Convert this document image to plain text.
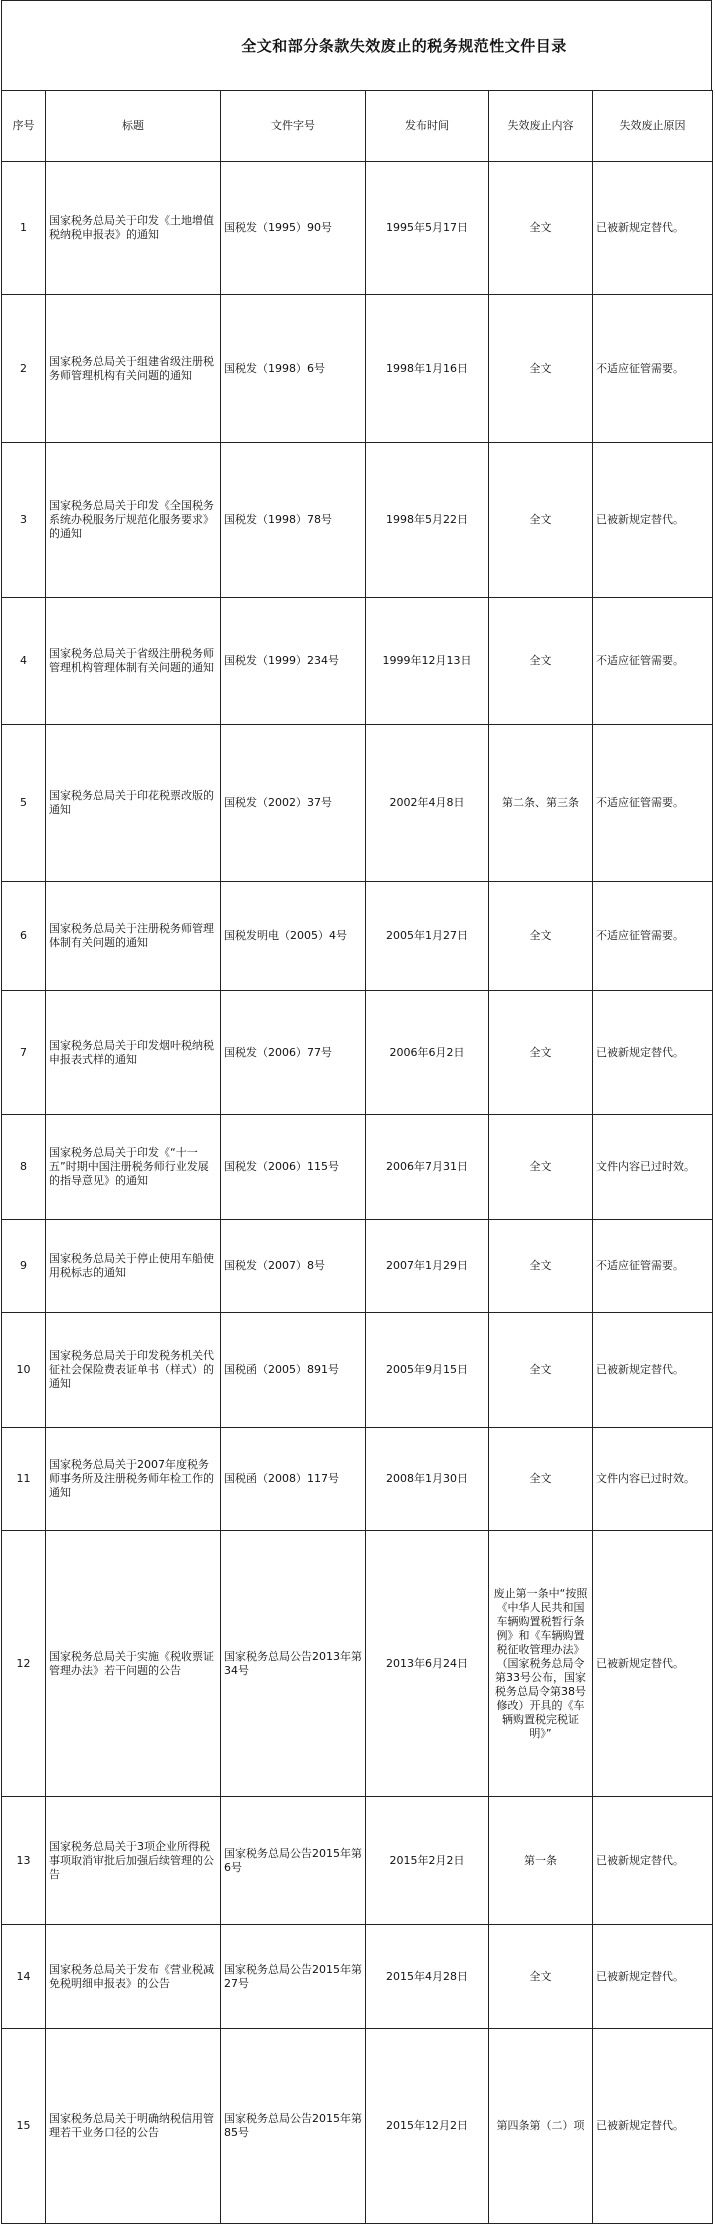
全文和部分条款失效废止的税务规范性文件目录
序号	标题	文件字号	发布时间	失效废止内容	失效废止原因
1	国家税务总局关于印发《土地增值税纳税申报表》的通知	国税发（1995）90号	1995年5月17日	全文	已被新规定替代。
2	国家税务总局关于组建省级注册税务师管理机构有关问题的通知	国税发（1998）6号	1998年1月16日	全文	不适应征管需要。
3	国家税务总局关于印发《全国税务系统办税服务厅规范化服务要求》的通知	国税发（1998）78号	1998年5月22日	全文	已被新规定替代。
4	国家税务总局关于省级注册税务师管理机构管理体制有关问题的通知	国税发（1999）234号	1999年12月13日	全文	不适应征管需要。
5	国家税务总局关于印花税票改版的通知	国税发（2002）37号	2002年4月8日	第二条、第三条	不适应征管需要。
6	国家税务总局关于注册税务师管理体制有关问题的通知	国税发明电（2005）4号	2005年1月27日	全文	不适应征管需要。
7	国家税务总局关于印发烟叶税纳税申报表式样的通知	国税发（2006）77号	2006年6月2日	全文	已被新规定替代。
8	国家税务总局关于印发《“十一五”时期中国注册税务师行业发展的指导意见》的通知	国税发（2006）115号	2006年7月31日	全文	文件内容已过时效。
9	国家税务总局关于停止使用车船使用税标志的通知	国税发（2007）8号	2007年1月29日	全文	不适应征管需要。
10	国家税务总局关于印发税务机关代征社会保险费表证单书（样式）的通知	国税函（2005）891号	2005年9月15日	全文	已被新规定替代。
11	国家税务总局关于2007年度税务师事务所及注册税务师年检工作的通知	国税函（2008）117号	2008年1月30日	全文	文件内容已过时效。
12	国家税务总局关于实施《税收票证管理办法》若干问题的公告	国家税务总局公告2013年第34号	2013年6月24日	废止第一条中“按照《中华人民共和国车辆购置税暂行条例》和《车辆购置税征收管理办法》（国家税务总局令第33号公布，国家税务总局令第38号修改）开具的《车辆购置税完税证明》”	已被新规定替代。
13	国家税务总局关于3项企业所得税事项取消审批后加强后续管理的公告	国家税务总局公告2015年第6号	2015年2月2日	第一条	已被新规定替代。
14	国家税务总局关于发布《营业税减免税明细申报表》的公告	国家税务总局公告2015年第27号	2015年4月28日	全文	已被新规定替代。
15	国家税务总局关于明确纳税信用管理若干业务口径的公告	国家税务总局公告2015年第85号	2015年12月2日	第四条第（二）项	已被新规定替代。
